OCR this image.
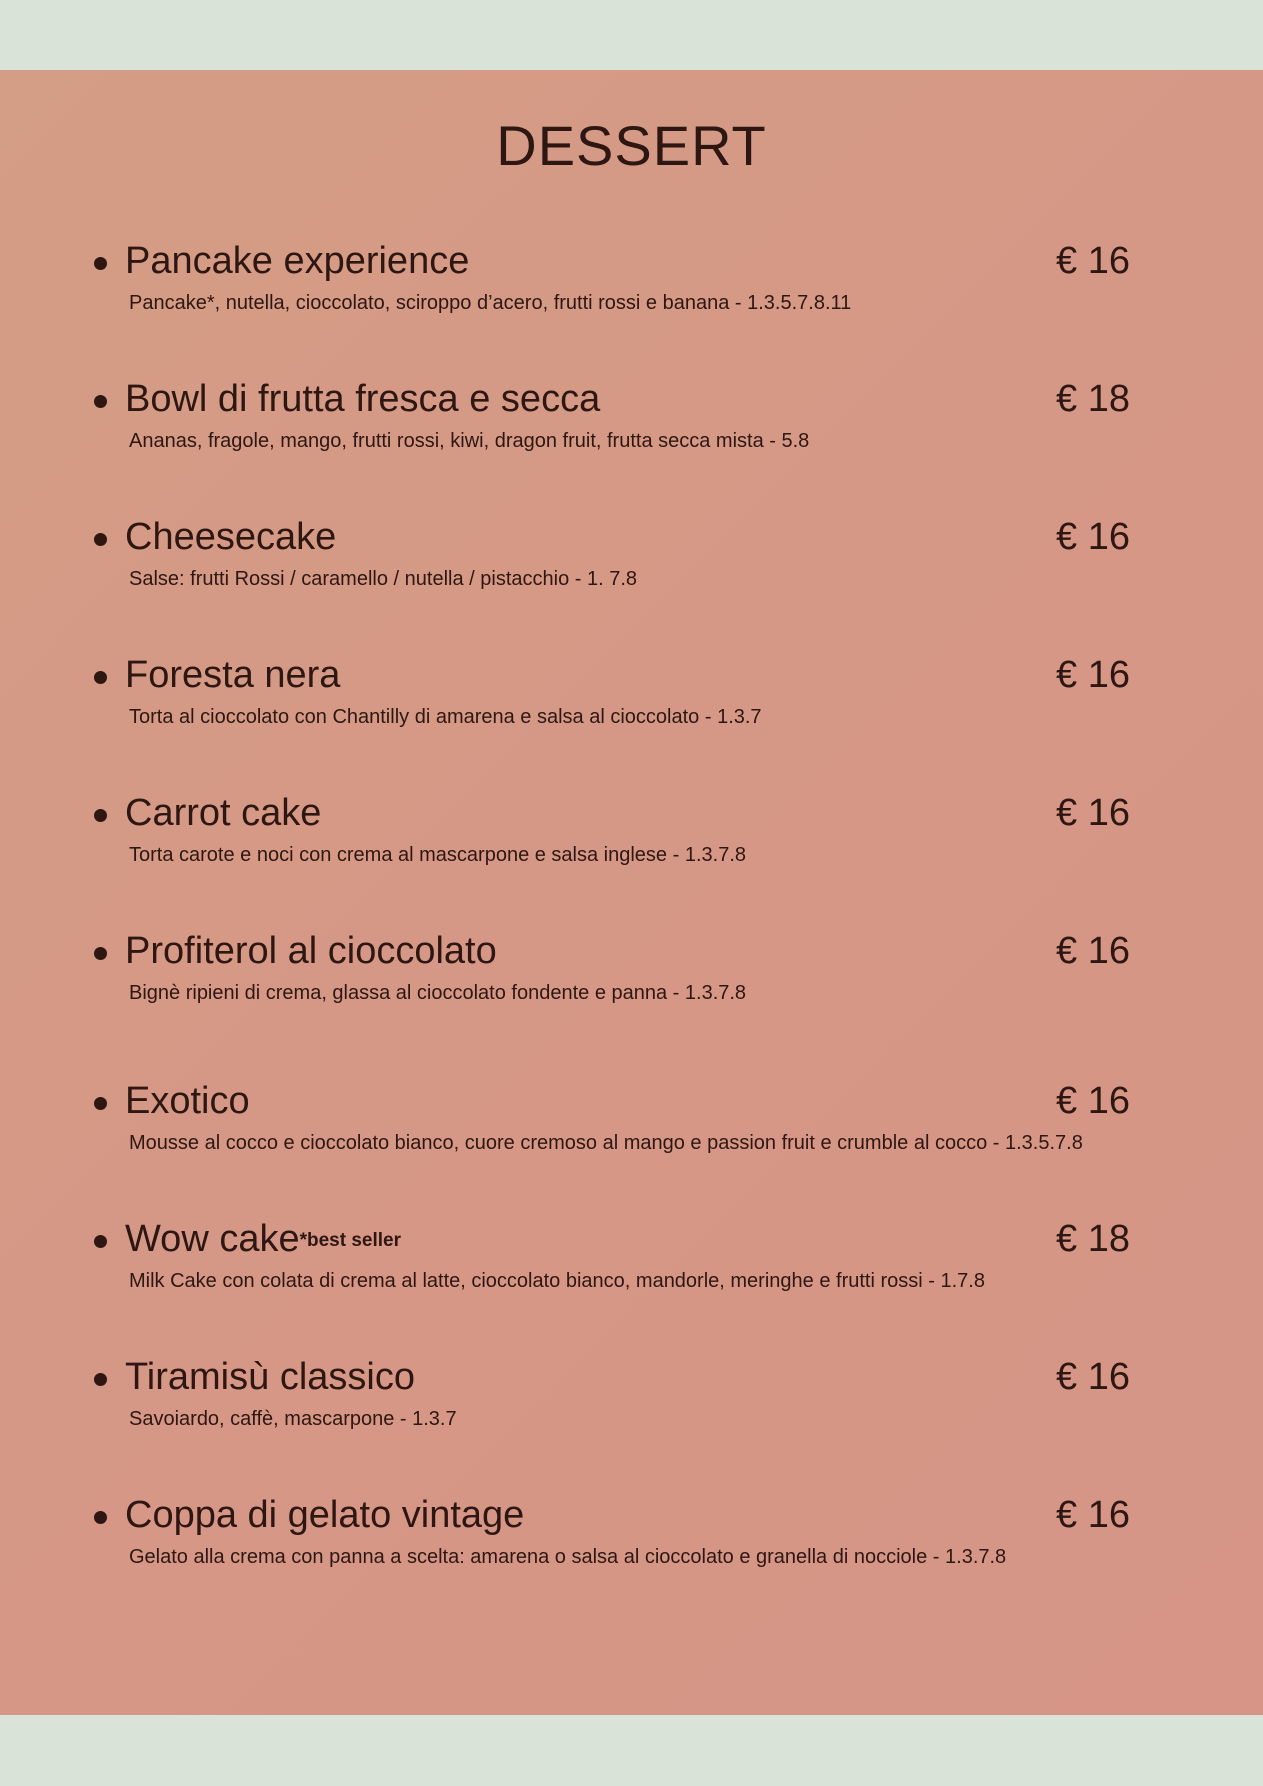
DESSERT
Pancake experience	€ 16
Pancake*, nutella, cioccolato, sciroppo d’acero, frutti rossi e banana - 1.3.5.7.8.11
Bowl di frutta fresca e secca	€ 18
Ananas, fragole, mango, frutti rossi, kiwi, dragon fruit, frutta secca mista - 5.8
Cheesecake	€ 16
Salse: frutti Rossi / caramello / nutella / pistacchio - 1. 7.8
Foresta nera	€ 16
Torta al cioccolato con Chantilly di amarena e salsa al cioccolato - 1.3.7
Carrot cake	€ 16
Torta carote e noci con crema al mascarpone e salsa inglese - 1.3.7.8
Profiterol al cioccolato	€ 16
Bignè ripieni di crema, glassa al cioccolato fondente e panna - 1.3.7.8
Exotico	€ 16
Mousse al cocco e cioccolato bianco, cuore cremoso al mango e passion fruit e crumble al cocco - 1.3.5.7.8
Wow cake$^{*best seller}$	€ 18
Milk Cake con colata di crema al latte, cioccolato bianco, mandorle, meringhe e frutti rossi - 1.7.8
Tiramisù classico	€ 16
Savoiardo, caffè, mascarpone - 1.3.7
Coppa di gelato vintage	€ 16
Gelato alla crema con panna a scelta: amarena o salsa al cioccolato e granella di nocciole - 1.3.7.8
